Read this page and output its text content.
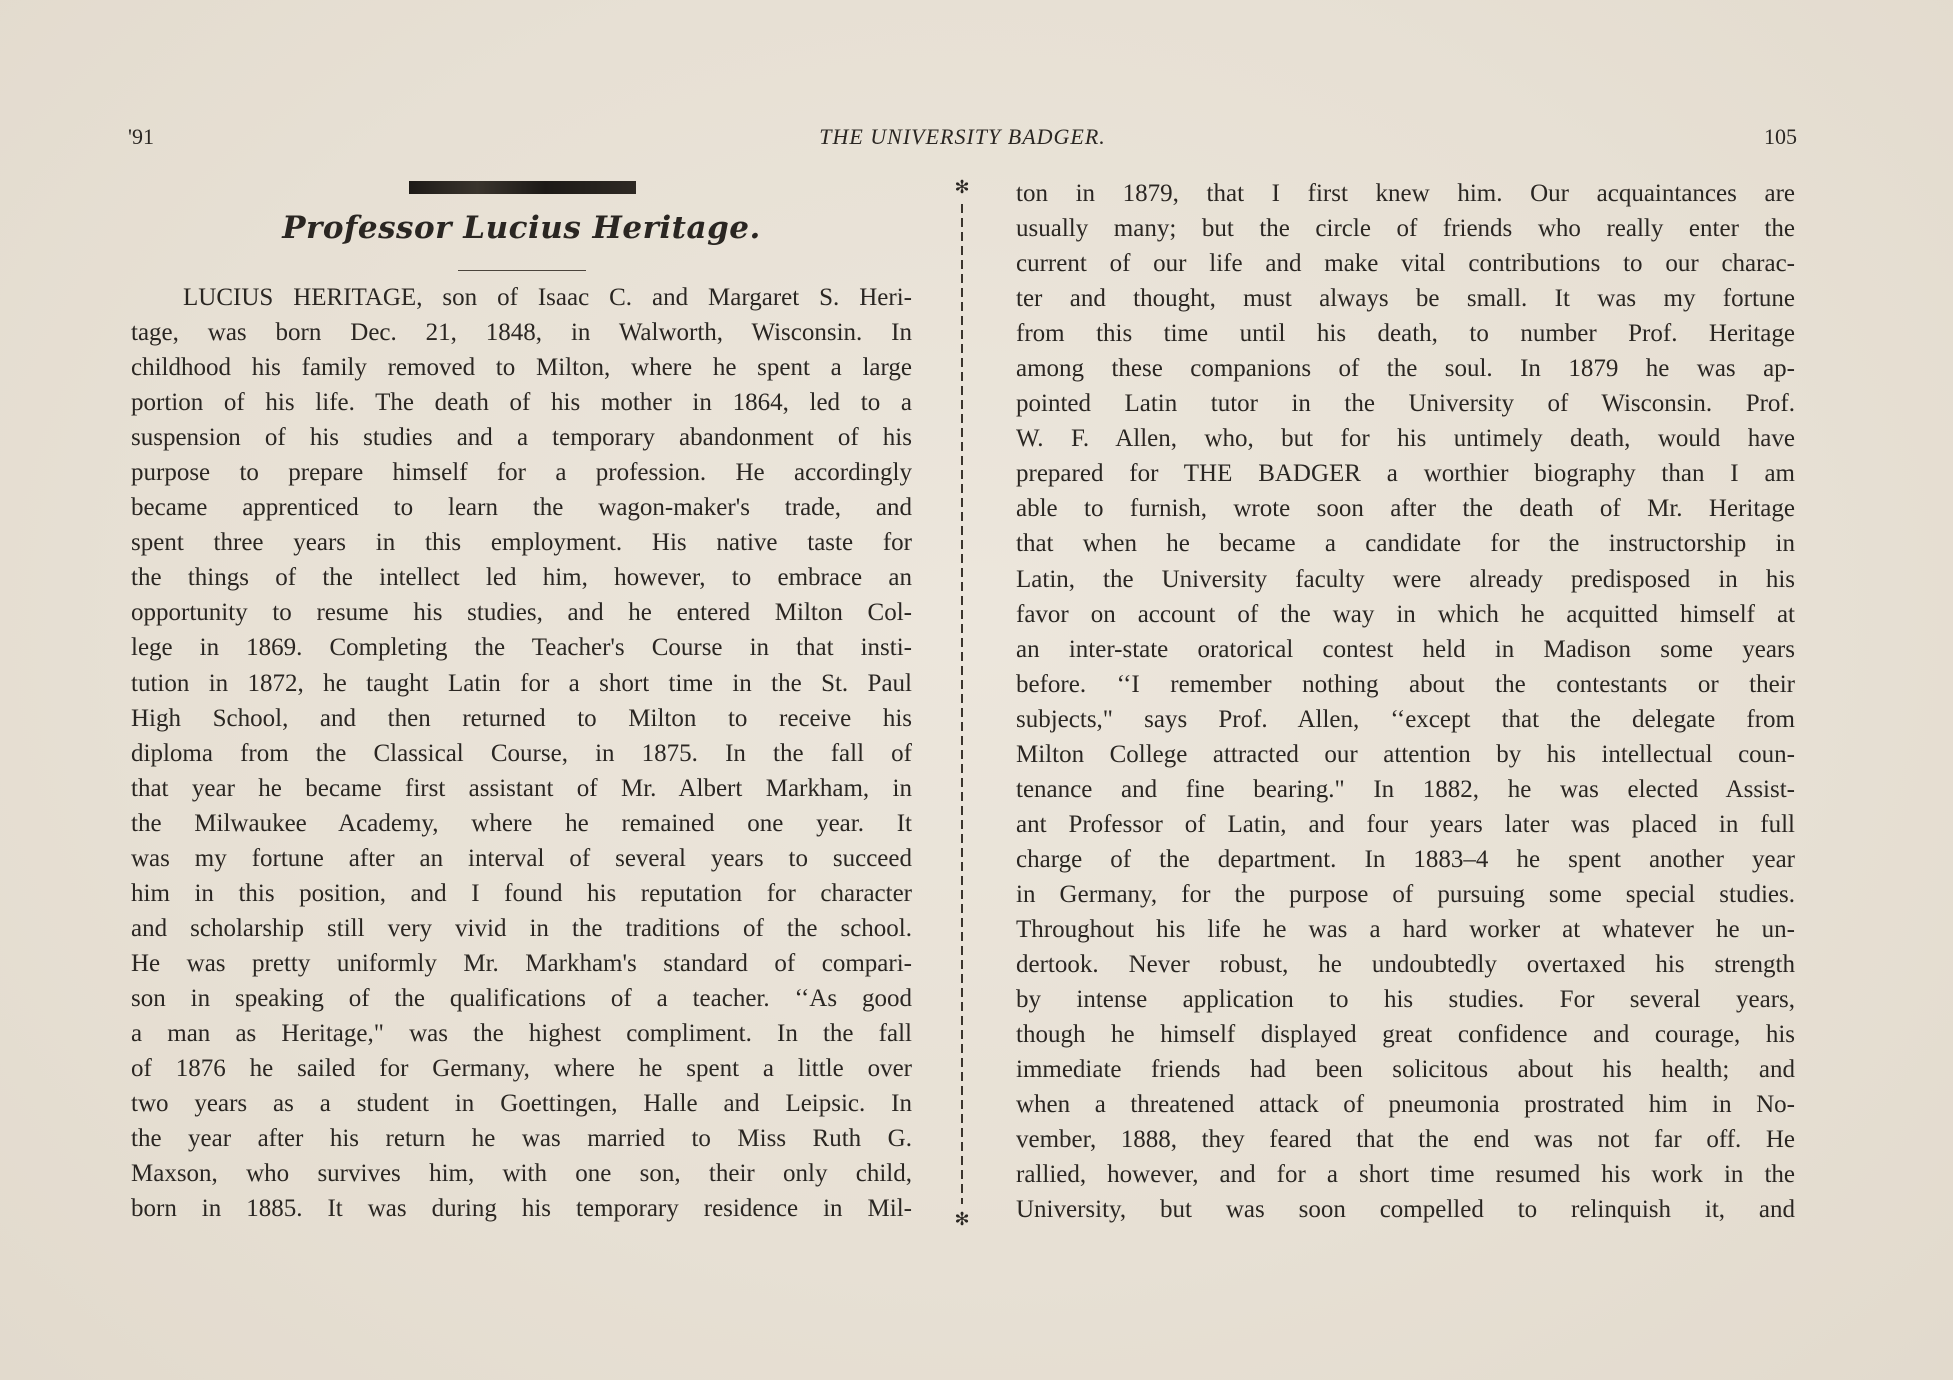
'91	THE UNIVERSITY BADGER.	105
Professor Lucius Heritage.
LUCIUS HERITAGE, son of Isaac C. and Margaret S. Heri-
tage, was born Dec. 21, 1848, in Walworth, Wisconsin. In
childhood his family removed to Milton, where he spent a large
portion of his life. The death of his mother in 1864, led to a
suspension of his studies and a temporary abandonment of his
purpose to prepare himself for a profession. He accordingly
became apprenticed to learn the wagon-maker's trade, and
spent three years in this employment. His native taste for
the things of the intellect led him, however, to embrace an
opportunity to resume his studies, and he entered Milton Col-
lege in 1869. Completing the Teacher's Course in that insti-
tution in 1872, he taught Latin for a short time in the St. Paul
High School, and then returned to Milton to receive his
diploma from the Classical Course, in 1875. In the fall of
that year he became first assistant of Mr. Albert Markham, in
the Milwaukee Academy, where he remained one year. It
was my fortune after an interval of several years to succeed
him in this position, and I found his reputation for character
and scholarship still very vivid in the traditions of the school.
He was pretty uniformly Mr. Markham's standard of compari-
son in speaking of the qualifications of a teacher. ‘‘As good
a man as Heritage," was the highest compliment. In the fall
of 1876 he sailed for Germany, where he spent a little over
two years as a student in Goettingen, Halle and Leipsic. In
the year after his return he was married to Miss Ruth G.
Maxson, who survives him, with one son, their only child,
born in 1885. It was during his temporary residence in Mil-
✻
✻
ton in 1879, that I first knew him. Our acquaintances are
usually many; but the circle of friends who really enter the
current of our life and make vital contributions to our charac-
ter and thought, must always be small. It was my fortune
from this time until his death, to number Prof. Heritage
among these companions of the soul. In 1879 he was ap-
pointed Latin tutor in the University of Wisconsin. Prof.
W. F. Allen, who, but for his untimely death, would have
prepared for THE BADGER a worthier biography than I am
able to furnish, wrote soon after the death of Mr. Heritage
that when he became a candidate for the instructorship in
Latin, the University faculty were already predisposed in his
favor on account of the way in which he acquitted himself at
an inter-state oratorical contest held in Madison some years
before. ‘‘I remember nothing about the contestants or their
subjects," says Prof. Allen, ‘‘except that the delegate from
Milton College attracted our attention by his intellectual coun-
tenance and fine bearing." In 1882, he was elected Assist-
ant Professor of Latin, and four years later was placed in full
charge of the department. In 1883–4 he spent another year
in Germany, for the purpose of pursuing some special studies.
Throughout his life he was a hard worker at whatever he un-
dertook. Never robust, he undoubtedly overtaxed his strength
by intense application to his studies. For several years,
though he himself displayed great confidence and courage, his
immediate friends had been solicitous about his health; and
when a threatened attack of pneumonia prostrated him in No-
vember, 1888, they feared that the end was not far off. He
rallied, however, and for a short time resumed his work in the
University, but was soon compelled to relinquish it, and
